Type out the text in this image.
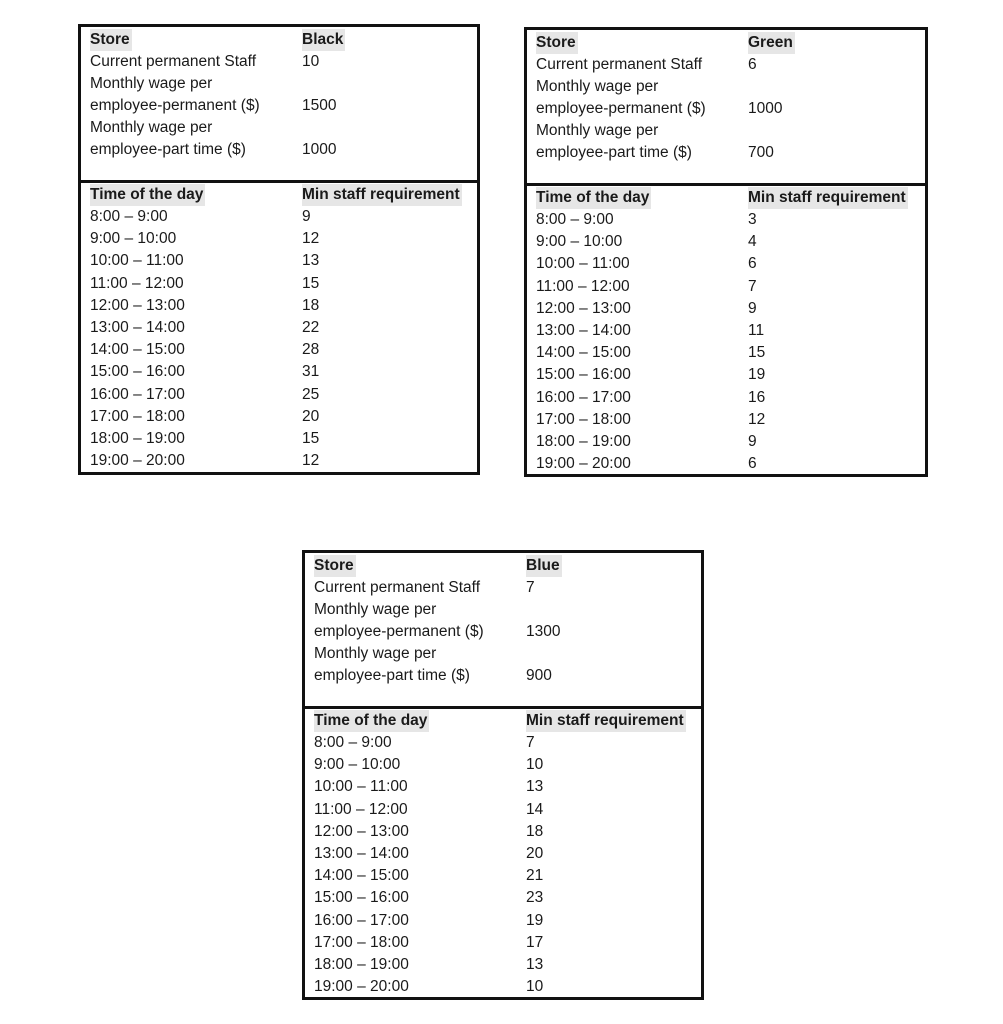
Store	Black
Current permanent Staff	10
Monthly wage per
employee-permanent ($)	1500
Monthly wage per
employee-part time ($)	1000
Time of the day	Min staff requirement
8:00 – 9:00	9
9:00 – 10:00	12
10:00 – 11:00	13
11:00 – 12:00	15
12:00 – 13:00	18
13:00 – 14:00	22
14:00 – 15:00	28
15:00 – 16:00	31
16:00 – 17:00	25
17:00 – 18:00	20
18:00 – 19:00	15
19:00 – 20:00	12
Store	Green
Current permanent Staff	6
Monthly wage per
employee-permanent ($)	1000
Monthly wage per
employee-part time ($)	700
Time of the day	Min staff requirement
8:00 – 9:00	3
9:00 – 10:00	4
10:00 – 11:00	6
11:00 – 12:00	7
12:00 – 13:00	9
13:00 – 14:00	11
14:00 – 15:00	15
15:00 – 16:00	19
16:00 – 17:00	16
17:00 – 18:00	12
18:00 – 19:00	9
19:00 – 20:00	6
Store	Blue
Current permanent Staff	7
Monthly wage per
employee-permanent ($)	1300
Monthly wage per
employee-part time ($)	900
Time of the day	Min staff requirement
8:00 – 9:00	7
9:00 – 10:00	10
10:00 – 11:00	13
11:00 – 12:00	14
12:00 – 13:00	18
13:00 – 14:00	20
14:00 – 15:00	21
15:00 – 16:00	23
16:00 – 17:00	19
17:00 – 18:00	17
18:00 – 19:00	13
19:00 – 20:00	10
